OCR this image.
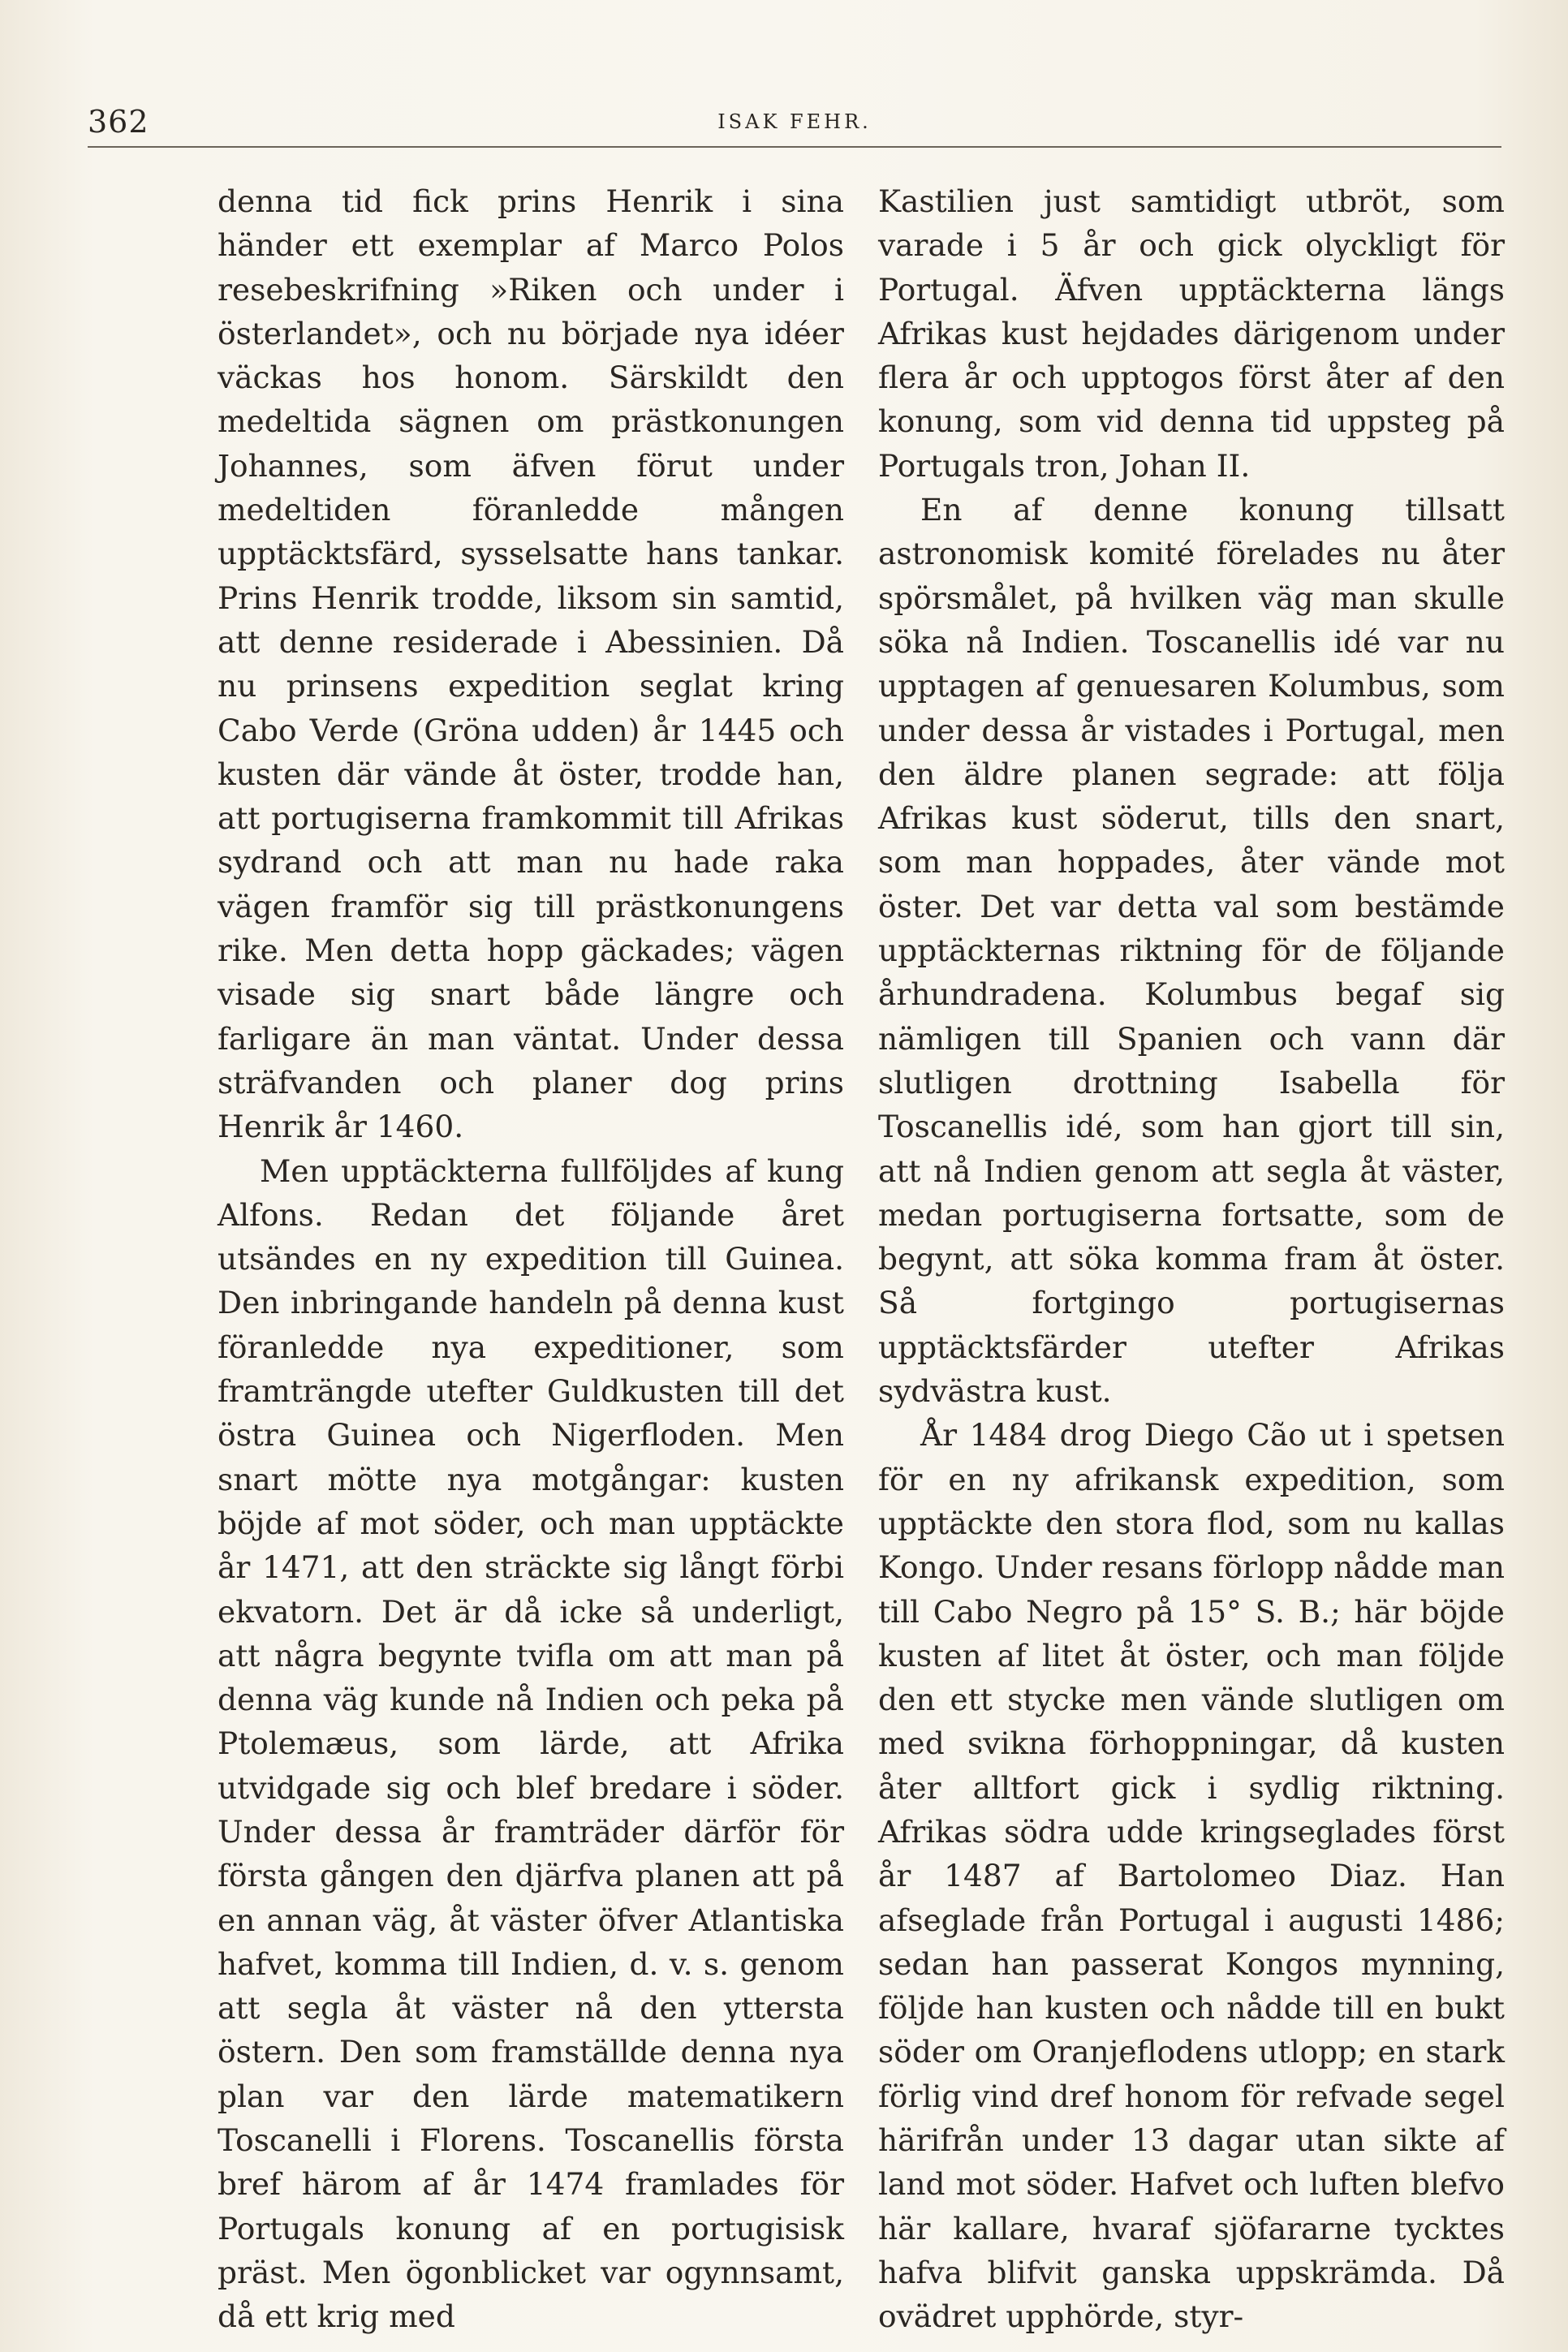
362	ISAK FEHR.

denna tid fick prins Henrik i sina händer ett exemplar af Marco Polos resebeskrifning »Riken och under i österlandet», och nu började nya idéer väckas hos honom. Särskildt den medeltida sägnen om prästkonungen Johannes, som äfven förut under medeltiden föranledde mången upptäcktsfärd, sysselsatte hans tankar. Prins Henrik trodde, liksom sin samtid, att denne residerade i Abessinien. Då nu prinsens expedition seglat kring Cabo Verde (Gröna udden) år 1445 och kusten där vände åt öster, trodde han, att portugiserna framkommit till Afrikas sydrand och att man nu hade raka vägen framför sig till prästkonungens rike. Men detta hopp gäckades; vägen visade sig snart både längre och farligare än man väntat. Under dessa sträfvanden och planer dog prins Henrik år 1460.

Men upptäckterna fullföljdes af kung Alfons. Redan det följande året utsändes en ny expedition till Guinea. Den inbringande handeln på denna kust föranledde nya expeditioner, som framträngde utefter Guldkusten till det östra Guinea och Nigerfloden. Men snart mötte nya motgångar: kusten böjde af mot söder, och man upptäckte år 1471, att den sträckte sig långt förbi ekvatorn. Det är då icke så underligt, att några begynte tvifla om att man på denna väg kunde nå Indien och peka på Ptolemæus, som lärde, att Afrika utvidgade sig och blef bredare i söder. Under dessa år framträder därför för första gången den djärfva planen att på en annan väg, åt väster öfver Atlantiska hafvet, komma till Indien, d. v. s. genom att segla åt väster nå den yttersta östern. Den som framställde denna nya plan var den lärde matematikern Toscanelli i Florens. Toscanellis första bref härom af år 1474 framlades för Portugals konung af en portugisisk präst. Men ögonblicket var ogynnsamt, då ett krig med

Kastilien just samtidigt utbröt, som varade i 5 år och gick olyckligt för Portugal. Äfven upptäckterna längs Afrikas kust hejdades därigenom under flera år och upptogos först åter af den konung, som vid denna tid uppsteg på Portugals tron, Johan II.

En af denne konung tillsatt astronomisk komité förelades nu åter spörsmålet, på hvilken väg man skulle söka nå Indien. Toscanellis idé var nu upptagen af genuesaren Kolumbus, som under dessa år vistades i Portugal, men den äldre planen segrade: att följa Afrikas kust söderut, tills den snart, som man hoppades, åter vände mot öster. Det var detta val som bestämde upptäckternas riktning för de följande århundradena. Kolumbus begaf sig nämligen till Spanien och vann där slutligen drottning Isabella för Toscanellis idé, som han gjort till sin, att nå Indien genom att segla åt väster, medan portugiserna fortsatte, som de begynt, att söka komma fram åt öster. Så fortgingo portugisernas upptäcktsfärder utefter Afrikas sydvästra kust.

År 1484 drog Diego Cão ut i spetsen för en ny afrikansk expedition, som upptäckte den stora flod, som nu kallas Kongo. Under resans förlopp nådde man till Cabo Negro på 15° S. B.; här böjde kusten af litet åt öster, och man följde den ett stycke men vände slutligen om med svikna förhoppningar, då kusten åter alltfort gick i sydlig riktning. Afrikas södra udde kringseglades först år 1487 af Bartolomeo Diaz. Han afseglade från Portugal i augusti 1486; sedan han passerat Kongos mynning, följde han kusten och nådde till en bukt söder om Oranjeflodens utlopp; en stark förlig vind dref honom för refvade segel härifrån under 13 dagar utan sikte af land mot söder. Hafvet och luften blefvo här kallare, hvaraf sjöfararne tycktes hafva blifvit ganska uppskrämda. Då ovädret upphörde, styr-
